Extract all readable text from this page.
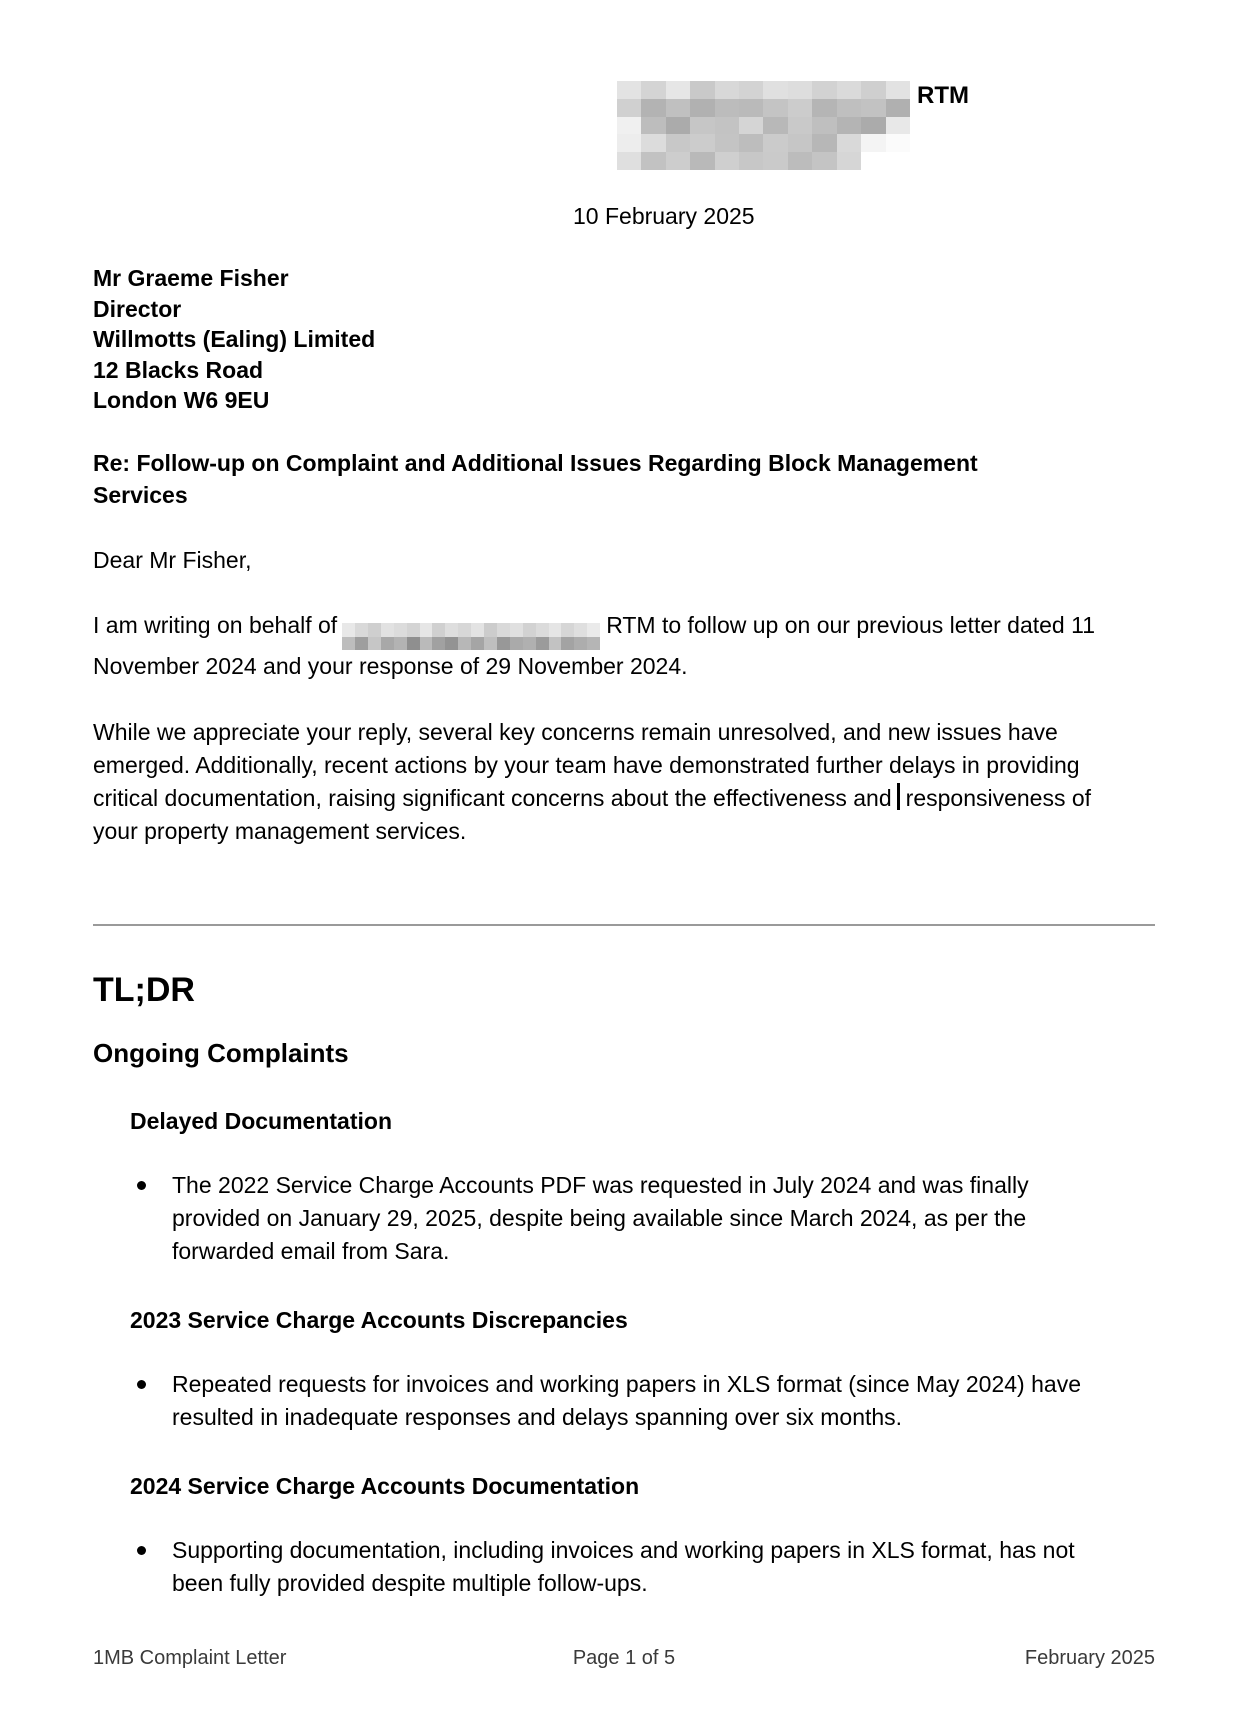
RTM
10 February 2025
Mr Graeme Fisher
Director
Willmotts (Ealing) Limited
12 Blacks Road
London W6 9EU
Re: Follow-up on Complaint and Additional Issues Regarding Block Management Services
Dear Mr Fisher,
I am writing on behalf of	RTM to follow up on our previous letter dated 11 November 2024 and your response of 29 November 2024.
While we appreciate your reply, several key concerns remain unresolved, and new issues have emerged. Additionally, recent actions by your team have demonstrated further delays in providing critical documentation, raising significant concerns about the effectiveness and responsiveness of your property management services.
TL;DR
Ongoing Complaints
Delayed Documentation
The 2022 Service Charge Accounts PDF was requested in July 2024 and was finally provided on January 29, 2025, despite being available since March 2024, as per the forwarded email from Sara.
2023 Service Charge Accounts Discrepancies
Repeated requests for invoices and working papers in XLS format (since May 2024) have resulted in inadequate responses and delays spanning over six months.
2024 Service Charge Accounts Documentation
Supporting documentation, including invoices and working papers in XLS format, has not been fully provided despite multiple follow-ups.
1MB Complaint Letter	Page 1 of 5	February 2025
